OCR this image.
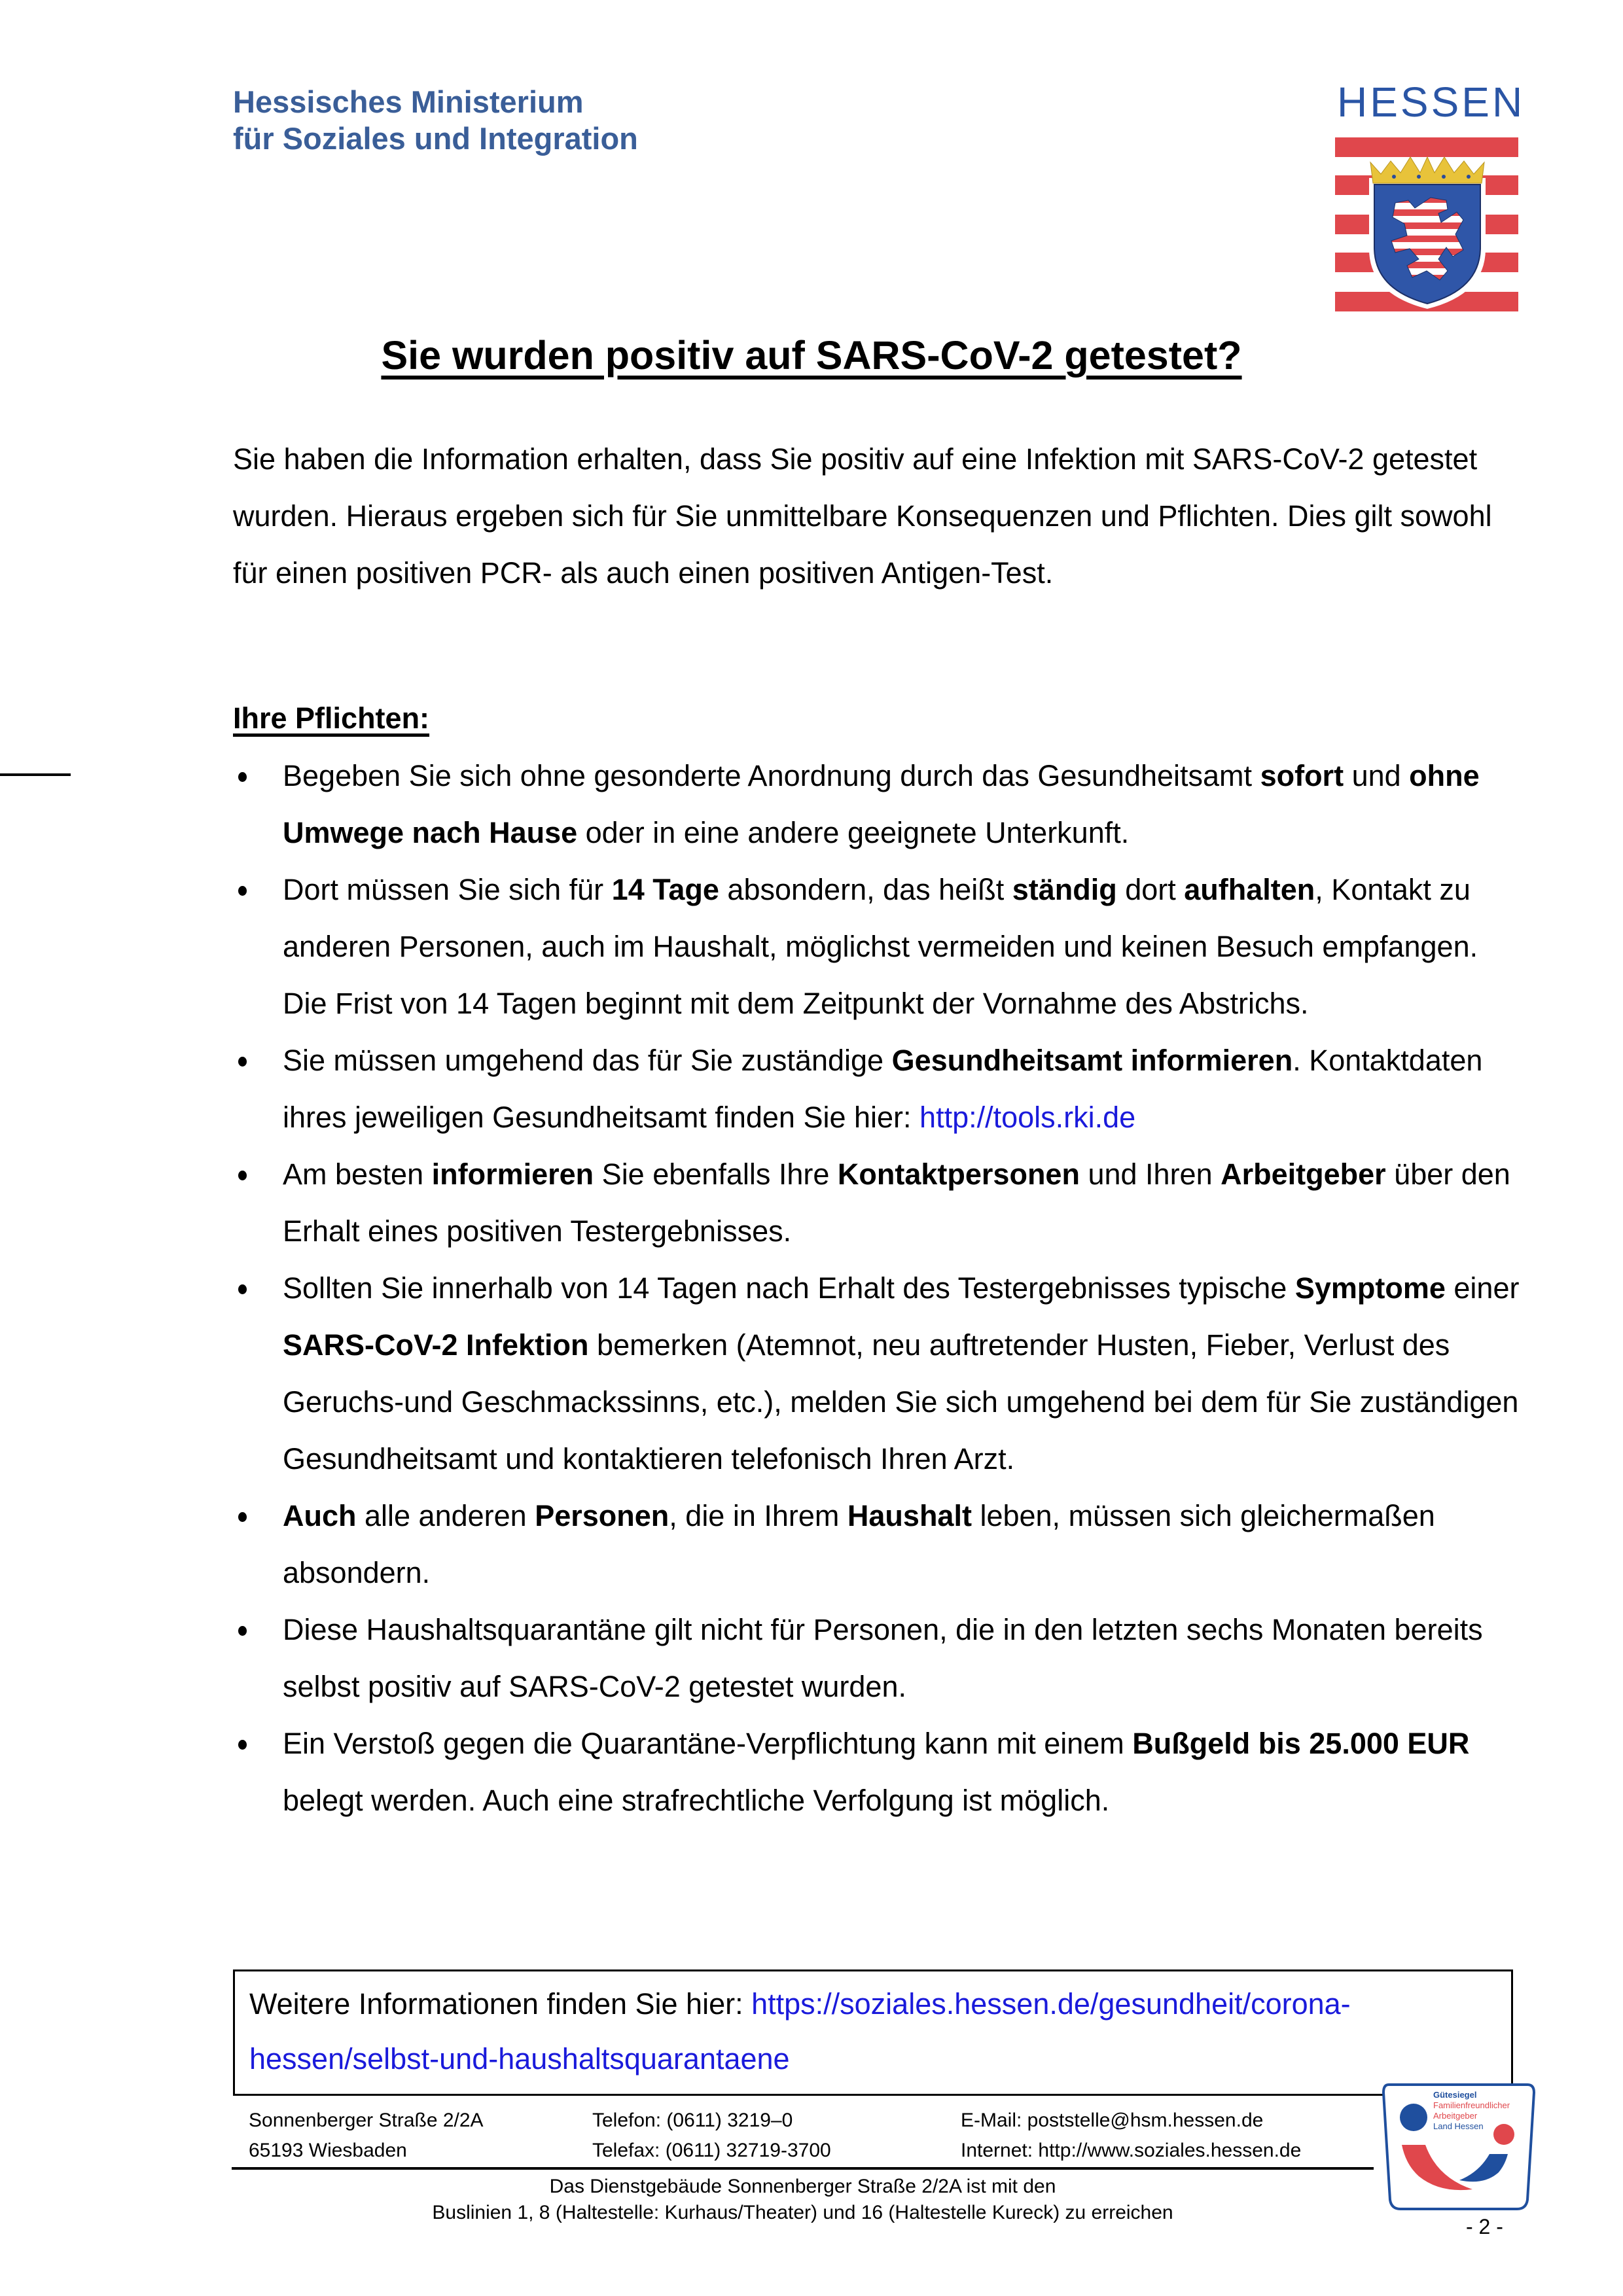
Hessisches Ministerium
für Soziales und Integration
HESSEN
Sie wurden positiv auf SARS-CoV-2 getestet?
Sie haben die Information erhalten, dass Sie positiv auf eine Infektion mit SARS-CoV-2 getestet wurden. Hieraus ergeben sich für Sie unmittelbare Konsequenzen und Pflichten. Dies gilt sowohl für einen positiven PCR- als auch einen positiven Antigen-Test.
Ihre Pflichten:
Begeben Sie sich ohne gesonderte Anordnung durch das Gesundheitsamt sofort und ohne Umwege nach Hause oder in eine andere geeignete Unterkunft.
Dort müssen Sie sich für 14 Tage absondern, das heißt ständig dort aufhalten, Kontakt zu anderen Personen, auch im Haushalt, möglichst vermeiden und keinen Besuch empfangen. Die Frist von 14 Tagen beginnt mit dem Zeitpunkt der Vornahme des Abstrichs.
Sie müssen umgehend das für Sie zuständige Gesundheitsamt informieren. Kontaktdaten ihres jeweiligen Gesundheitsamt finden Sie hier: http://tools.rki.de
Am besten informieren Sie ebenfalls Ihre Kontaktpersonen und Ihren Arbeitgeber über den Erhalt eines positiven Testergebnisses.
Sollten Sie innerhalb von 14 Tagen nach Erhalt des Testergebnisses typische Symptome einer SARS-CoV-2 Infektion bemerken (Atemnot, neu auftretender Husten, Fieber, Verlust des Geruchs-und Geschmackssinns, etc.), melden Sie sich umgehend bei dem für Sie zuständigen Gesundheitsamt und kontaktieren telefonisch Ihren Arzt.
Auch alle anderen Personen, die in Ihrem Haushalt leben, müssen sich gleichermaßen absondern.
Diese Haushaltsquarantäne gilt nicht für Personen, die in den letzten sechs Monaten bereits selbst positiv auf SARS-CoV-2 getestet wurden.
Ein Verstoß gegen die Quarantäne-Verpflichtung kann mit einem Bußgeld bis 25.000 EUR belegt werden. Auch eine strafrechtliche Verfolgung ist möglich.
Weitere Informationen finden Sie hier: https://soziales.hessen.de/gesundheit/corona-hessen/selbst-und-haushaltsquarantaene
Sonnenberger Straße 2/2A
65193 Wiesbaden
Telefon: (0611) 3219–0
Telefax: (0611) 32719-3700
E-Mail: poststelle@hsm.hessen.de
Internet: http://www.soziales.hessen.de
Das Dienstgebäude Sonnenberger Straße 2/2A ist mit den
Buslinien 1, 8 (Haltestelle: Kurhaus/Theater) und 16 (Haltestelle Kureck) zu erreichen
Gütesiegel
Familienfreundlicher
Arbeitgeber
Land Hessen
- 2 -
